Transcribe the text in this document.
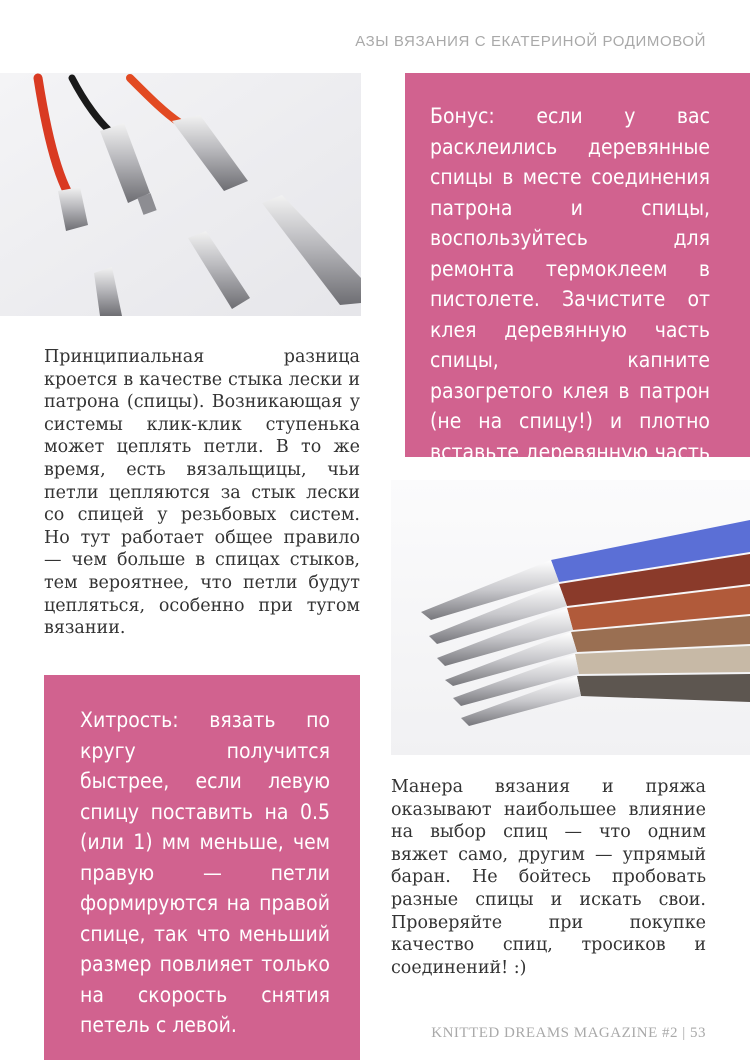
АЗЫ ВЯЗАНИЯ С ЕКАТЕРИНОЙ РОДИМОВОЙ
Бонус: если у вас расклеились деревянные спицы в месте соединения патрона и спицы, воспользуйтесь для ремонта термоклеем в пистолете. Зачистите от клея деревянную часть спицы, капните разогретого клея в патрон (не на спицу!) и плотно вставьте деревянную часть
Принципиальная разница кроется в качестве стыка лески и патрона (спицы). Возникающая у системы клик-клик ступенька может цеплять петли. В то же время, есть вязальщицы, чьи петли цепляются за стык лески со спицей у резьбовых систем. Но тут работает общее правило — чем больше в спицах стыков, тем вероятнее, что петли будут цепляться, особенно при тугом вязании.
Хитрость: вязать по кругу получится быстрее, если левую спицу поставить на 0.5 (или 1) мм меньше, чем правую — петли формируются на правой спице, так что меньший размер повлияет только на скорость снятия петель с левой.
Манера вязания и пряжа оказывают наибольшее влияние на выбор спиц — что одним вяжет само, другим — упрямый баран. Не бойтесь пробовать разные спицы и искать свои. Проверяйте при покупке качество спиц, тросиков и соединений! :)
KNITTED DREAMS MAGAZINE #2 | 53
